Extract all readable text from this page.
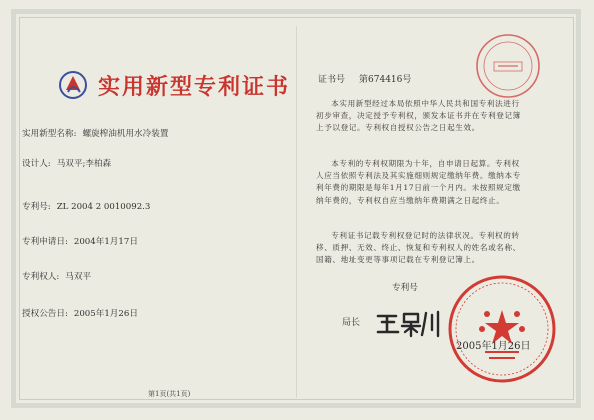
实用新型专利证书
实用新型名称: 螺旋榨油机用水冷装置
设计人: 马双平;李柏森
专利号: ZL 2004 2 0010092.3
专利申请日: 2004年1月17日
专利权人: 马双平
授权公告日: 2005年1月26日
证书号 第674416号
本实用新型经过本局依照中华人民共和国专利法进行初步审查，决定授予专利权，颁发本证书并在专利登记簿上予以登记。专利权自授权公告之日起生效。
本专利的专利权期限为十年，自申请日起算。专利权人应当依照专利法及其实施细则规定缴纳年费。缴纳本专利年费的期限是每年1月17日前一个月内。未按照规定缴纳年费的，专利权自应当缴纳年费期满之日起终止。
专利证书记载专利权登记时的法律状况。专利权的转移、质押、无效、终止、恢复和专利权人的姓名或名称、国籍、地址变更等事项记载在专利登记簿上。
专利号
局长
2005年1月26日
第1页(共1页)
